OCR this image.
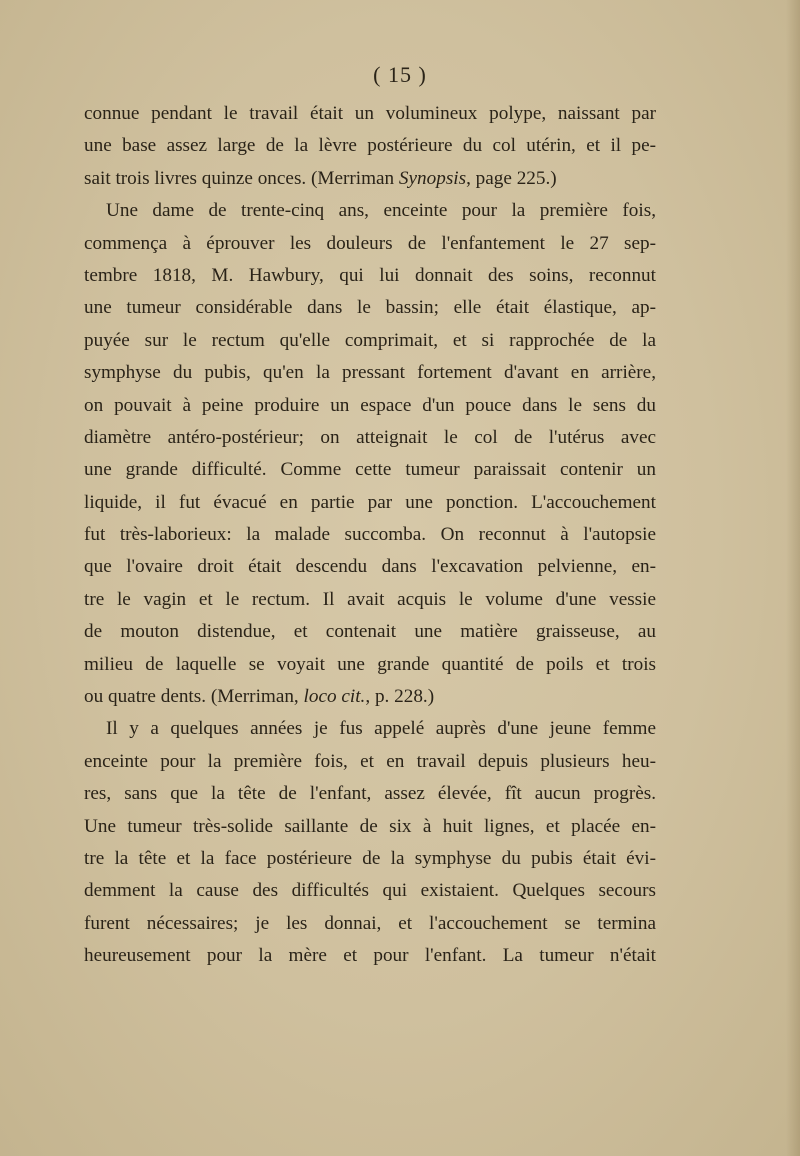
( 15 )
connue pendant le travail était un volumineux polype, naissant par
une base assez large de la lèvre postérieure du col utérin, et il pe-
sait trois livres quinze onces. (Merriman Synopsis, page 225.)
Une dame de trente-cinq ans, enceinte pour la première fois,
commença à éprouver les douleurs de l'enfantement le 27 sep-
tembre 1818, M. Hawbury, qui lui donnait des soins, reconnut
une tumeur considérable dans le bassin; elle était élastique, ap-
puyée sur le rectum qu'elle comprimait, et si rapprochée de la
symphyse du pubis, qu'en la pressant fortement d'avant en arrière,
on pouvait à peine produire un espace d'un pouce dans le sens du
diamètre antéro-postérieur; on atteignait le col de l'utérus avec
une grande difficulté. Comme cette tumeur paraissait contenir un
liquide, il fut évacué en partie par une ponction. L'accouchement
fut très-laborieux: la malade succomba. On reconnut à l'autopsie
que l'ovaire droit était descendu dans l'excavation pelvienne, en-
tre le vagin et le rectum. Il avait acquis le volume d'une vessie
de mouton distendue, et contenait une matière graisseuse, au
milieu de laquelle se voyait une grande quantité de poils et trois
ou quatre dents. (Merriman, loco cit., p. 228.)
Il y a quelques années je fus appelé auprès d'une jeune femme
enceinte pour la première fois, et en travail depuis plusieurs heu-
res, sans que la tête de l'enfant, assez élevée, fît aucun progrès.
Une tumeur très-solide saillante de six à huit lignes, et placée en-
tre la tête et la face postérieure de la symphyse du pubis était évi-
demment la cause des difficultés qui existaient. Quelques secours
furent nécessaires; je les donnai, et l'accouchement se termina
heureusement pour la mère et pour l'enfant. La tumeur n'était
